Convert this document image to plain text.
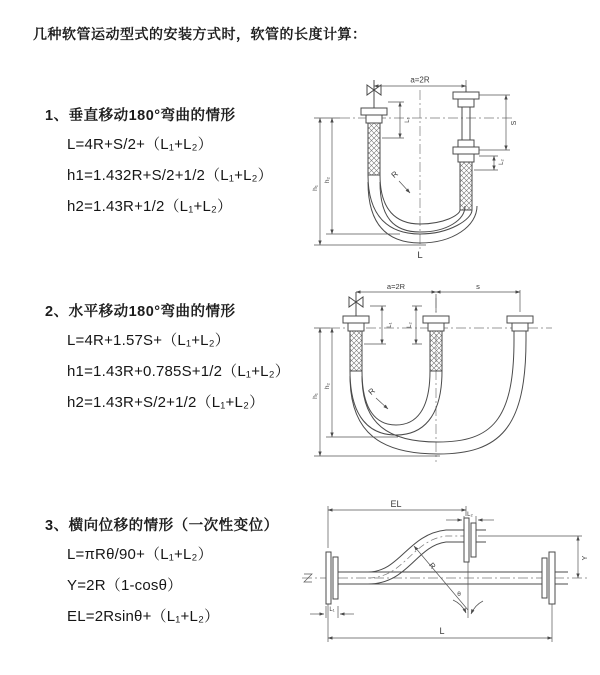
几种软管运动型式的安装方式时，软管的长度计算：
1、垂直移动180°弯曲的情形
L=4R+S/2+（L₁+L₂）
h1=1.432R+S/2+1/2（L₁+L₂）
h2=1.43R+1/2（L₁+L₂）
2、水平移动180°弯曲的情形
L=4R+1.57S+（L₁+L₂）
h1=1.43R+0.785S+1/2（L₁+L₂）
h2=1.43R+S/2+1/2（L₁+L₂）
3、横向位移的情形（一次性变位）
L=πRθ/90+（L₁+L₂）
Y=2R（1-cosθ）
EL=2Rsinθ+（L₁+L₂）
a=2R
S
L₂
L₁
h₁
h₂
R
L
a=2R	s
h₁
h₂
L₁ L₂
R
EL
L₂
Y
L
L₁
R
θ
